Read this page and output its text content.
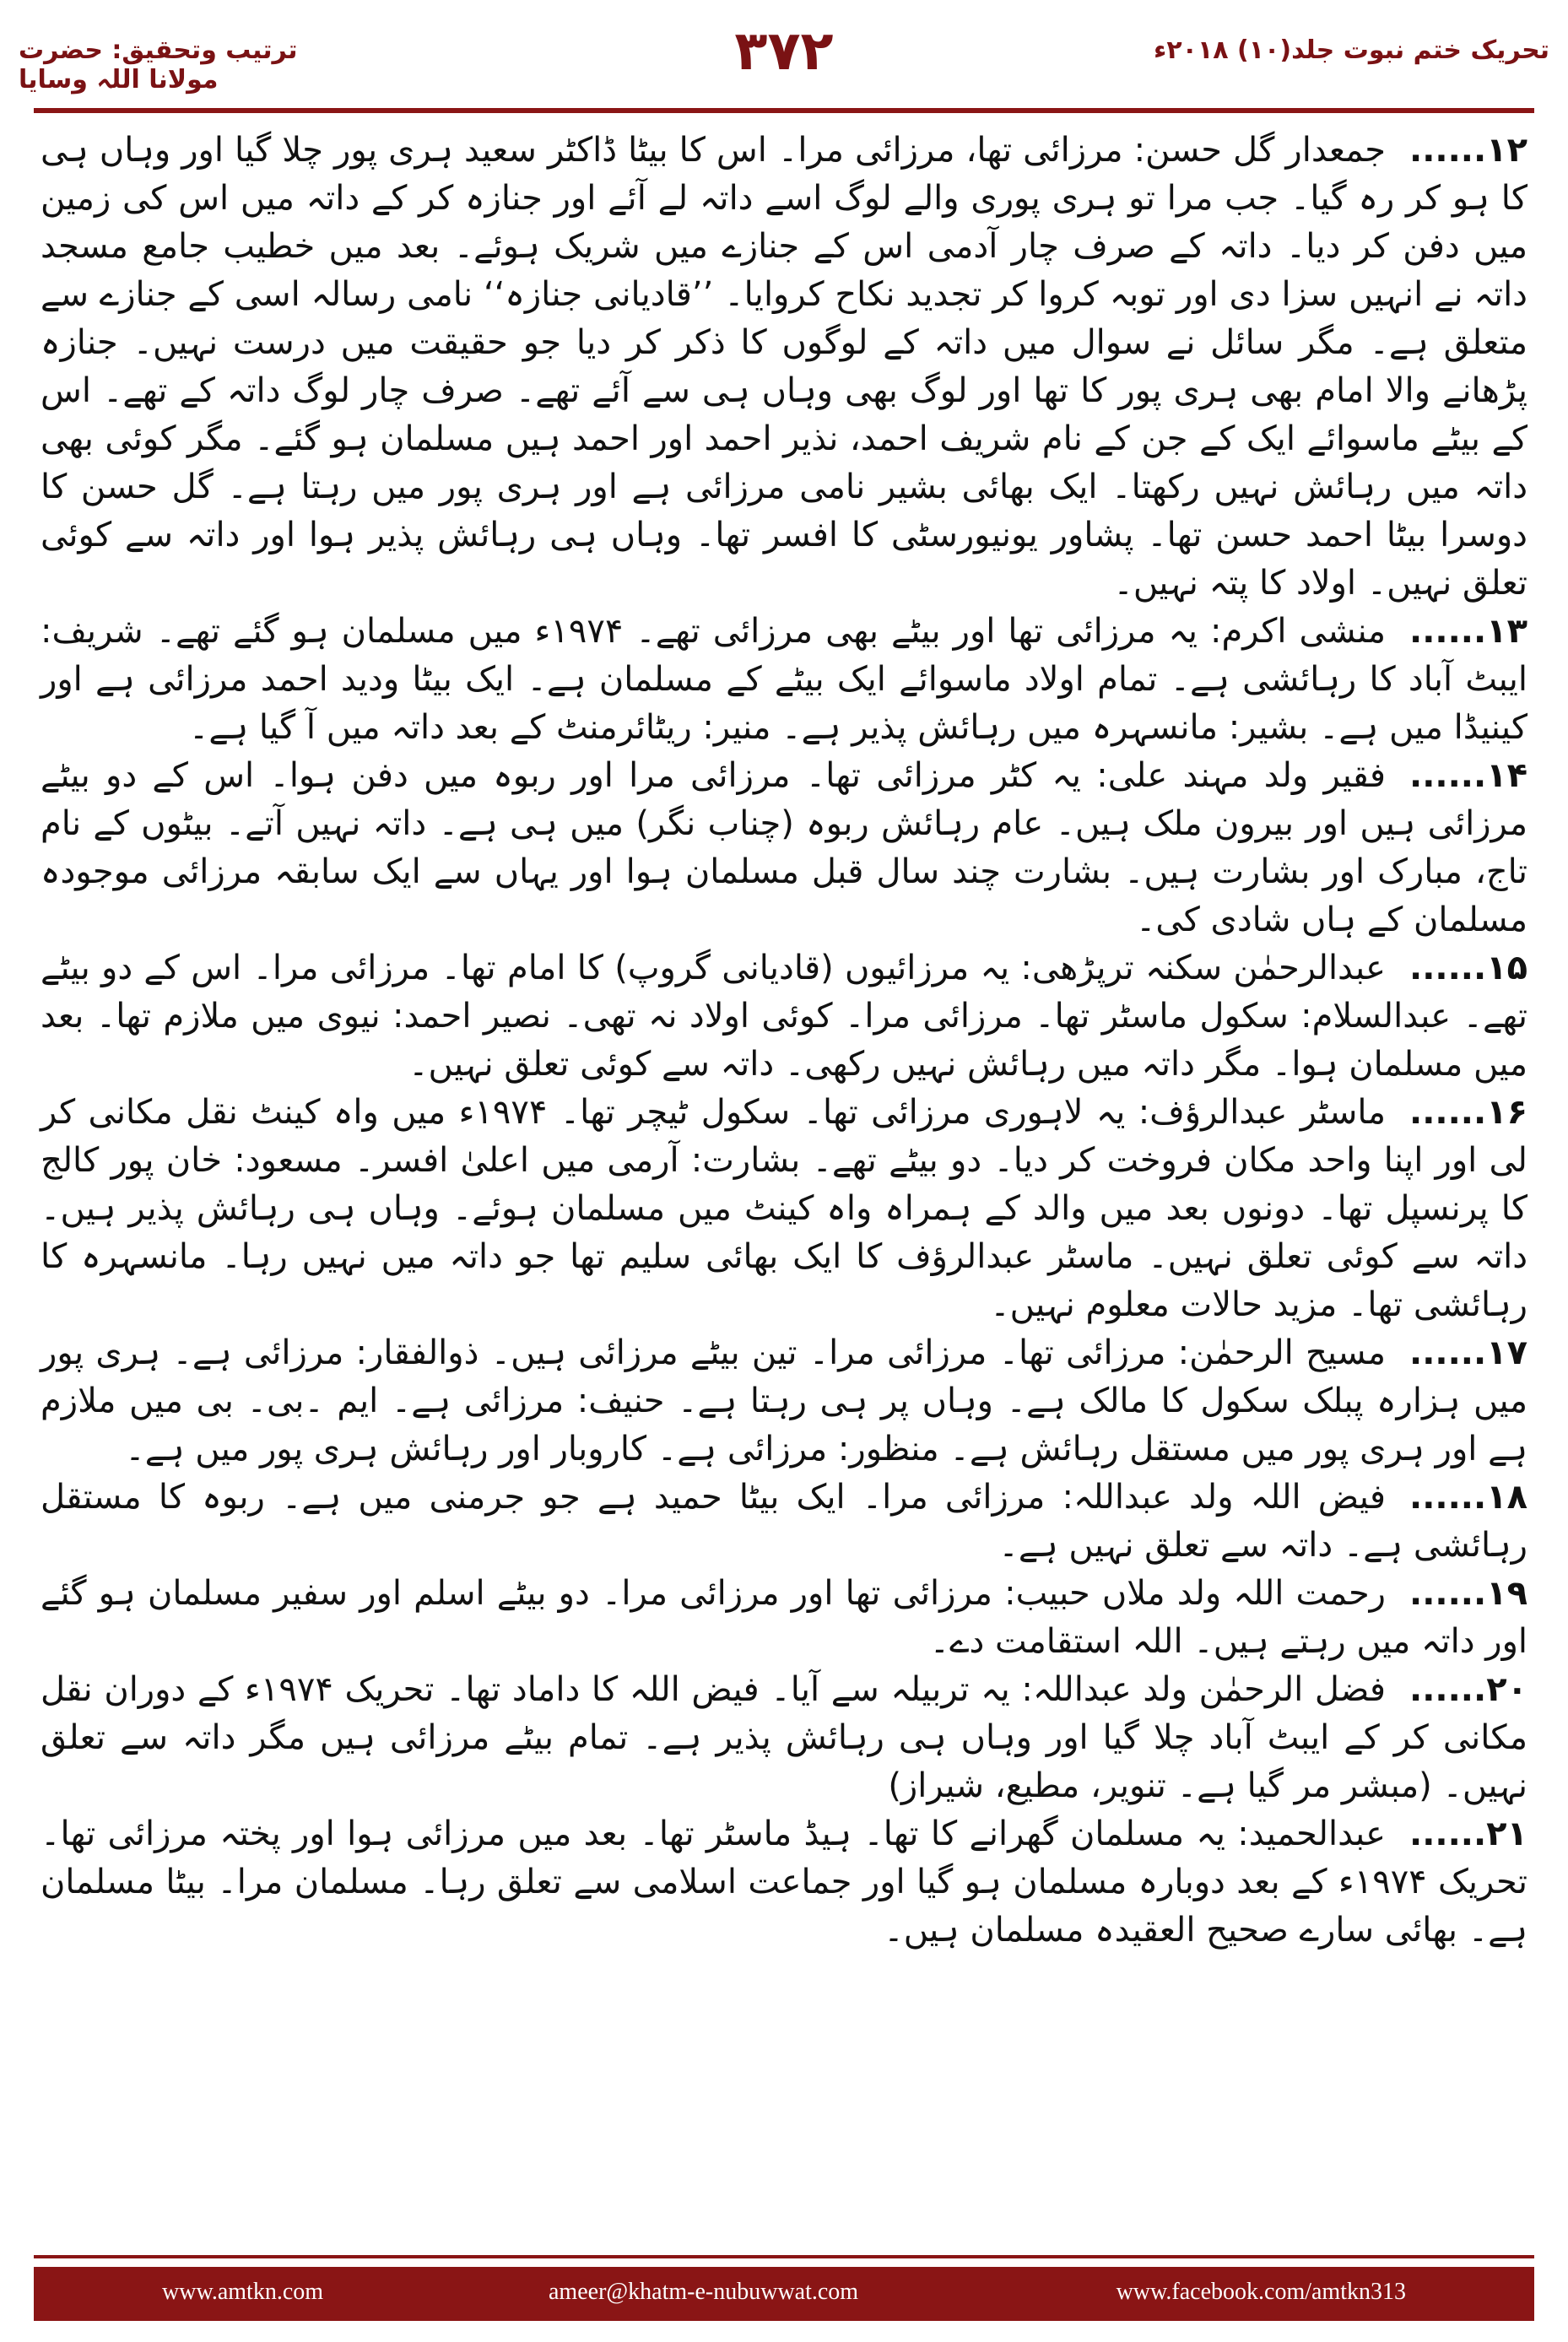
تحریک ختم نبوت جلد(۱۰) ۲۰۱۸ء
۳۷۲
ترتیب وتحقیق: حضرت مولانا اللہ وسایا

۱۲......جمعدار گل حسن: مرزائی تھا، مرزائی مرا۔ اس کا بیٹا ڈاکٹر سعید ہری پور چلا گیا اور وہاں ہی کا ہو کر رہ گیا۔ جب مرا تو ہری پوری والے لوگ اسے داتہ لے آئے اور جنازہ کر کے داتہ میں اس کی زمین میں دفن کر دیا۔ داتہ کے صرف چار آدمی اس کے جنازے میں شریک ہوئے۔ بعد میں خطیب جامع مسجد داتہ نے انہیں سزا دی اور توبہ کروا کر تجدید نکاح کروایا۔ ’’قادیانی جنازہ‘‘ نامی رسالہ اسی کے جنازے سے متعلق ہے۔ مگر سائل نے سوال میں داتہ کے لوگوں کا ذکر کر دیا جو حقیقت میں درست نہیں۔ جنازہ پڑھانے والا امام بھی ہری پور کا تھا اور لوگ بھی وہاں ہی سے آئے تھے۔ صرف چار لوگ داتہ کے تھے۔ اس کے بیٹے ماسوائے ایک کے جن کے نام شریف احمد، نذیر احمد اور احمد ہیں مسلمان ہو گئے۔ مگر کوئی بھی داتہ میں رہائش نہیں رکھتا۔ ایک بھائی بشیر نامی مرزائی ہے اور ہری پور میں رہتا ہے۔ گل حسن کا دوسرا بیٹا احمد حسن تھا۔ پشاور یونیورسٹی کا افسر تھا۔ وہاں ہی رہائش پذیر ہوا اور داتہ سے کوئی تعلق نہیں۔ اولاد کا پتہ نہیں۔

۱۳......منشی اکرم: یہ مرزائی تھا اور بیٹے بھی مرزائی تھے۔ ۱۹۷۴ء میں مسلمان ہو گئے تھے۔ شریف: ایبٹ آباد کا رہائشی ہے۔ تمام اولاد ماسوائے ایک بیٹے کے مسلمان ہے۔ ایک بیٹا ودید احمد مرزائی ہے اور کینیڈا میں ہے۔ بشیر: مانسہرہ میں رہائش پذیر ہے۔ منیر: ریٹائرمنٹ کے بعد داتہ میں آ گیا ہے۔

۱۴......فقیر ولد مہند علی: یہ کٹر مرزائی تھا۔ مرزائی مرا اور ربوہ میں دفن ہوا۔ اس کے دو بیٹے مرزائی ہیں اور بیرون ملک ہیں۔ عام رہائش ربوہ (چناب نگر) میں ہی ہے۔ داتہ نہیں آتے۔ بیٹوں کے نام تاج، مبارک اور بشارت ہیں۔ بشارت چند سال قبل مسلمان ہوا اور یہاں سے ایک سابقہ مرزائی موجودہ مسلمان کے ہاں شادی کی۔

۱۵......عبدالرحمٰن سکنہ ترپڑھی: یہ مرزائیوں (قادیانی گروپ) کا امام تھا۔ مرزائی مرا۔ اس کے دو بیٹے تھے۔ عبدالسلام: سکول ماسٹر تھا۔ مرزائی مرا۔ کوئی اولاد نہ تھی۔ نصیر احمد: نیوی میں ملازم تھا۔ بعد میں مسلمان ہوا۔ مگر داتہ میں رہائش نہیں رکھی۔ داتہ سے کوئی تعلق نہیں۔

۱۶......ماسٹر عبدالرؤف: یہ لاہوری مرزائی تھا۔ سکول ٹیچر تھا۔ ۱۹۷۴ء میں واہ کینٹ نقل مکانی کر لی اور اپنا واحد مکان فروخت کر دیا۔ دو بیٹے تھے۔ بشارت: آرمی میں اعلیٰ افسر۔ مسعود: خان پور کالج کا پرنسپل تھا۔ دونوں بعد میں والد کے ہمراہ واہ کینٹ میں مسلمان ہوئے۔ وہاں ہی رہائش پذیر ہیں۔ داتہ سے کوئی تعلق نہیں۔ ماسٹر عبدالرؤف کا ایک بھائی سلیم تھا جو داتہ میں نہیں رہا۔ مانسہرہ کا رہائشی تھا۔ مزید حالات معلوم نہیں۔

۱۷......مسیح الرحمٰن: مرزائی تھا۔ مرزائی مرا۔ تین بیٹے مرزائی ہیں۔ ذوالفقار: مرزائی ہے۔ ہری پور میں ہزارہ پبلک سکول کا مالک ہے۔ وہاں پر ہی رہتا ہے۔ حنیف: مرزائی ہے۔ ایم ۔بی۔ بی میں ملازم ہے اور ہری پور میں مستقل رہائش ہے۔ منظور: مرزائی ہے۔ کاروبار اور رہائش ہری پور میں ہے۔

۱۸......فیض اللہ ولد عبداللہ: مرزائی مرا۔ ایک بیٹا حمید ہے جو جرمنی میں ہے۔ ربوہ کا مستقل رہائشی ہے۔ داتہ سے تعلق نہیں ہے۔

۱۹......رحمت اللہ ولد ملاں حبیب: مرزائی تھا اور مرزائی مرا۔ دو بیٹے اسلم اور سفیر مسلمان ہو گئے اور داتہ میں رہتے ہیں۔ اللہ استقامت دے۔

۲۰......فضل الرحمٰن ولد عبداللہ: یہ تربیلہ سے آیا۔ فیض اللہ کا داماد تھا۔ تحریک ۱۹۷۴ء کے دوران نقل مکانی کر کے ایبٹ آباد چلا گیا اور وہاں ہی رہائش پذیر ہے۔ تمام بیٹے مرزائی ہیں مگر داتہ سے تعلق نہیں۔ (مبشر مر گیا ہے۔ تنویر، مطیع، شیراز)

۲۱......عبدالحمید: یہ مسلمان گھرانے کا تھا۔ ہیڈ ماسٹر تھا۔ بعد میں مرزائی ہوا اور پختہ مرزائی تھا۔ تحریک ۱۹۷۴ء کے بعد دوبارہ مسلمان ہو گیا اور جماعت اسلامی سے تعلق رہا۔ مسلمان مرا۔ بیٹا مسلمان ہے۔ بھائی سارے صحیح العقیدہ مسلمان ہیں۔

www.amtkn.com	ameer@khatm-e-nubuwwat.com	www.facebook.com/amtkn313
